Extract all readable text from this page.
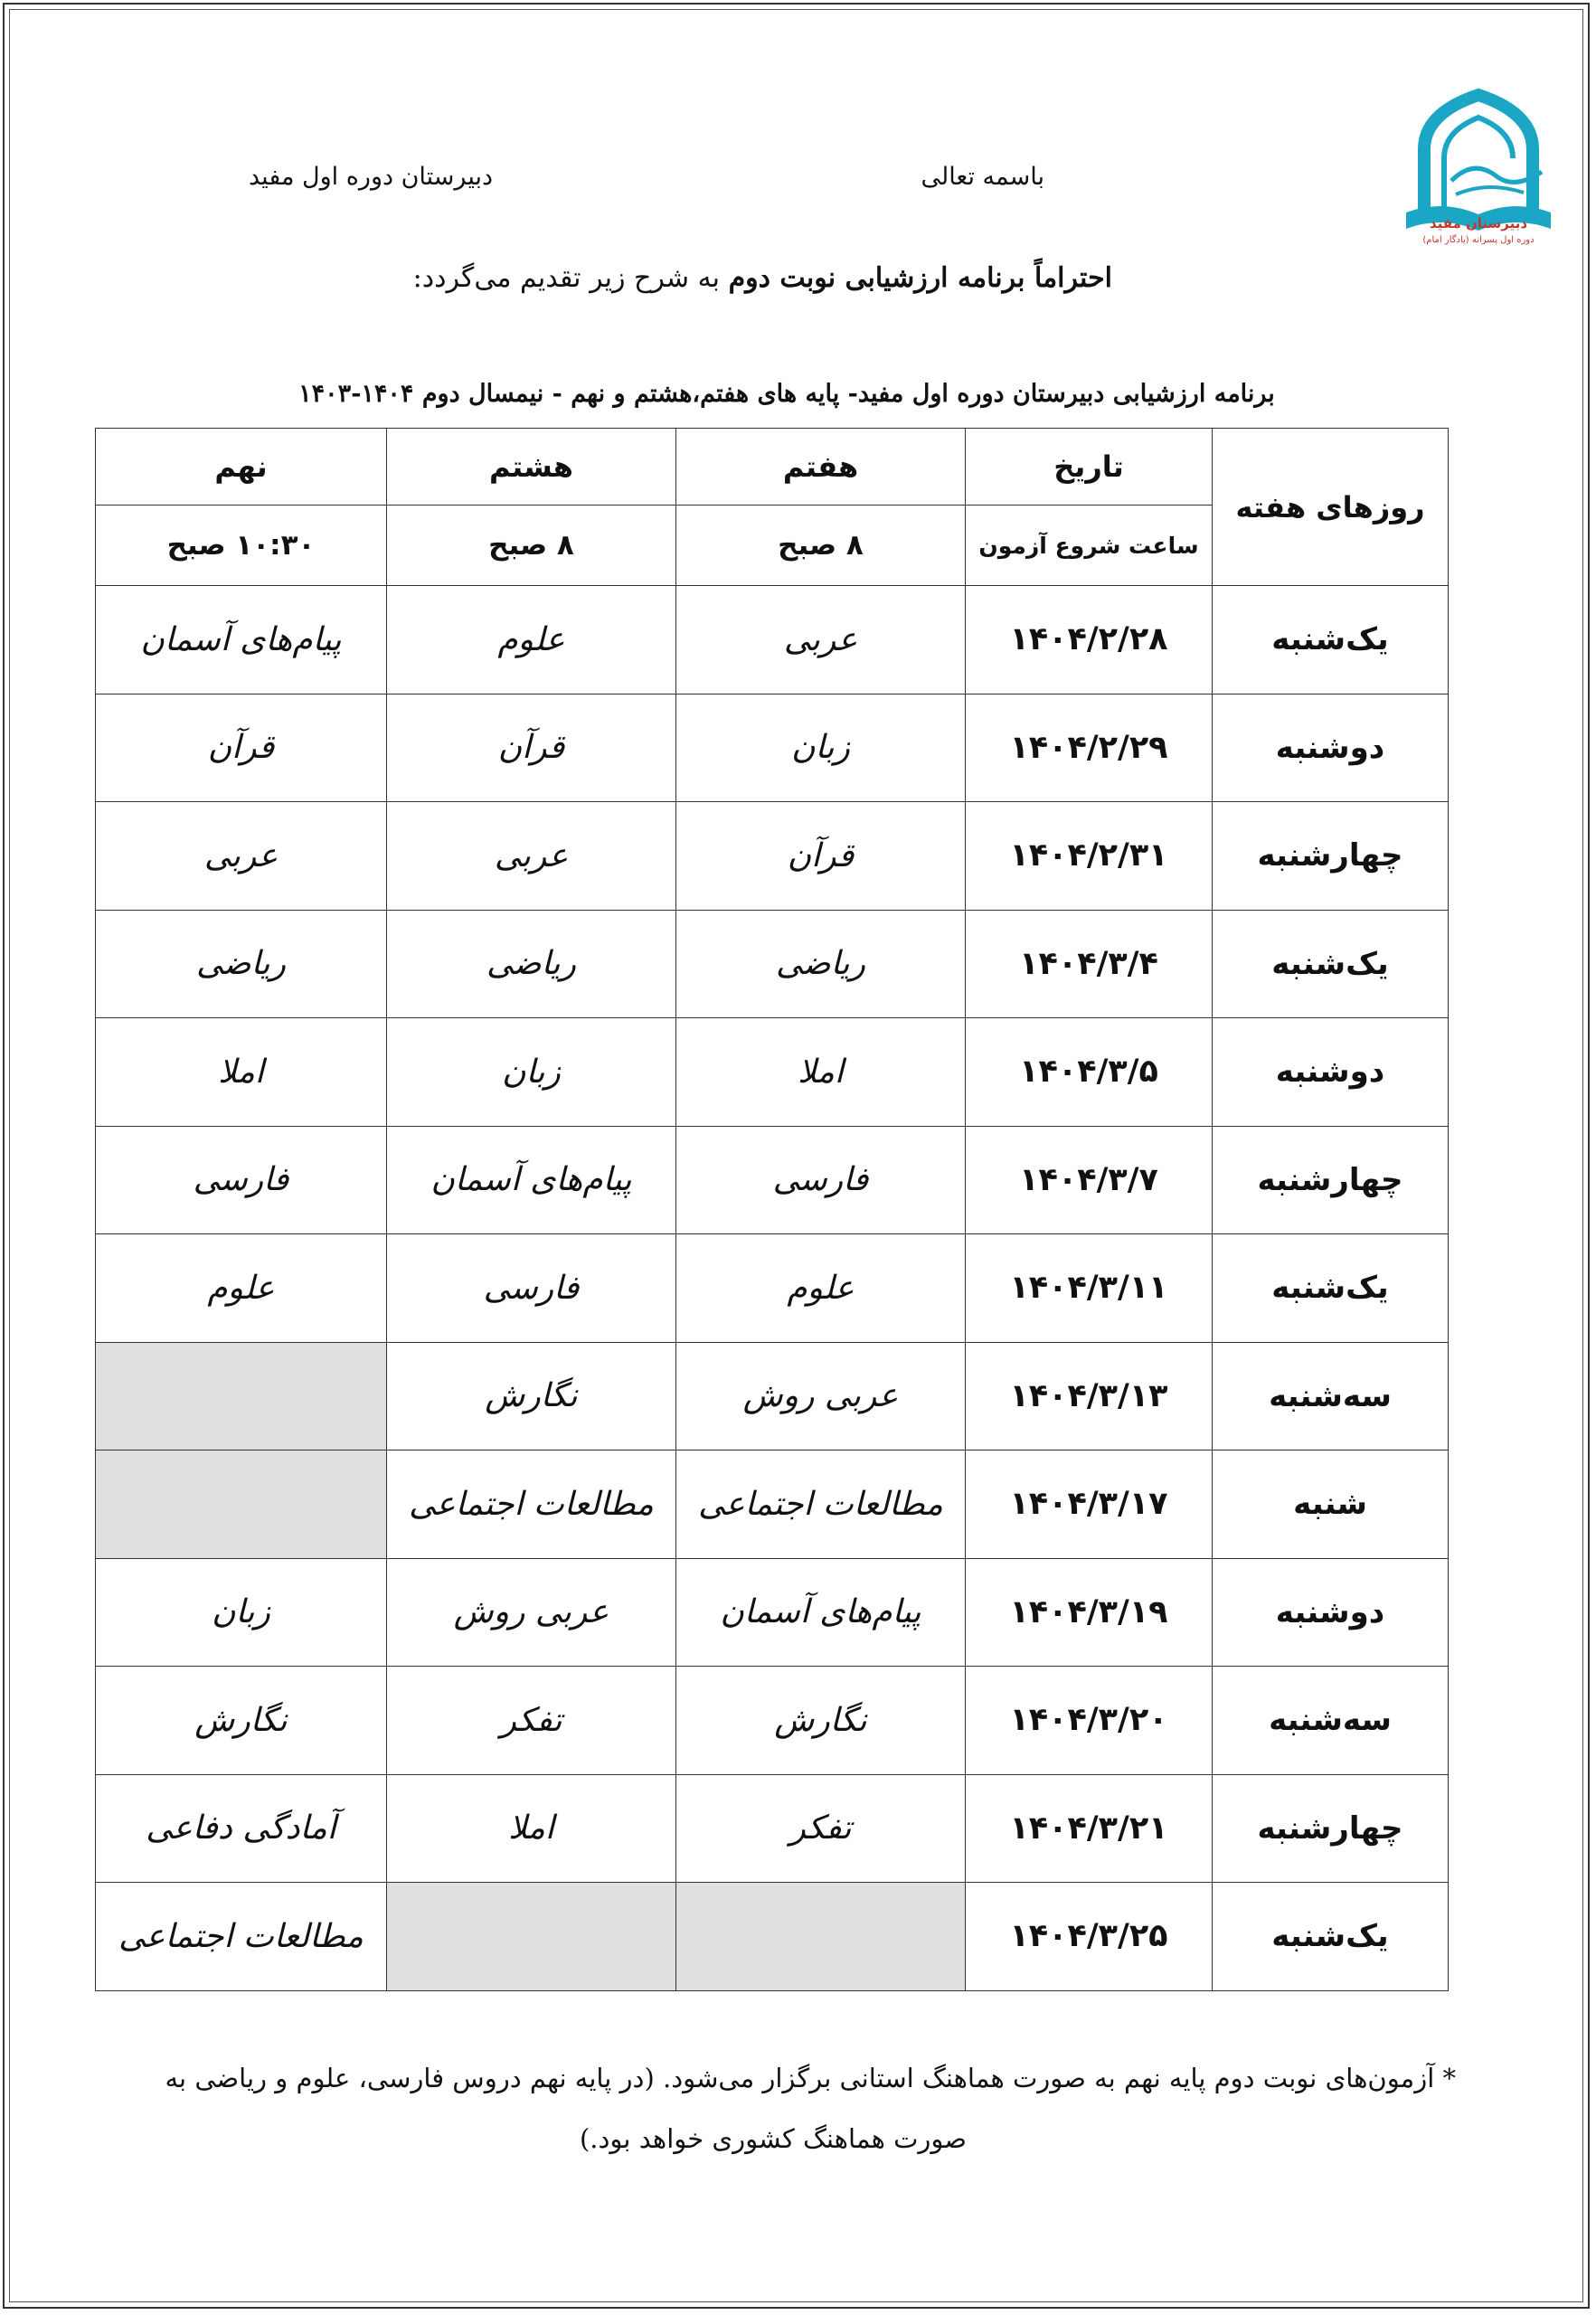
دبیرستان مفید
دوره اول پسرانه (یادگار امام)
باسمه تعالی
دبیرستان دوره اول مفید
احتراماً برنامه ارزشیابی نوبت دوم به شرح زیر تقدیم می‌گردد:
برنامه ارزشیابی دبیرستان دوره اول مفید- پایه های هفتم،هشتم و نهم - نیمسال دوم ۱۴۰۴-۱۴۰۳
روزهای هفته	تاریخ	هفتم	هشتم	نهم
	ساعت شروع آزمون	۸ صبح	۸ صبح	۱۰:۳۰ صبح
یک‌شنبه	۱۴۰۴/۲/۲۸	عربی	علوم	پیام‌های آسمان
دوشنبه	۱۴۰۴/۲/۲۹	زبان	قرآن	قرآن
چهارشنبه	۱۴۰۴/۲/۳۱	قرآن	عربی	عربی
یک‌شنبه	۱۴۰۴/۳/۴	ریاضی	ریاضی	ریاضی
دوشنبه	۱۴۰۴/۳/۵	املا	زبان	املا
چهارشنبه	۱۴۰۴/۳/۷	فارسی	پیام‌های آسمان	فارسی
یک‌شنبه	۱۴۰۴/۳/۱۱	علوم	فارسی	علوم
سه‌شنبه	۱۴۰۴/۳/۱۳	عربی روش	نگارش	
شنبه	۱۴۰۴/۳/۱۷	مطالعات اجتماعی	مطالعات اجتماعی	
دوشنبه	۱۴۰۴/۳/۱۹	پیام‌های آسمان	عربی روش	زبان
سه‌شنبه	۱۴۰۴/۳/۲۰	نگارش	تفکر	نگارش
چهارشنبه	۱۴۰۴/۳/۲۱	تفکر	املا	آمادگی دفاعی
یک‌شنبه	۱۴۰۴/۳/۲۵			مطالعات اجتماعی
* آزمون‌های نوبت دوم پایه نهم به صورت هماهنگ استانی برگزار می‌شود. (در پایه نهم دروس فارسی، علوم و ریاضی به
صورت هماهنگ کشوری خواهد بود.)
